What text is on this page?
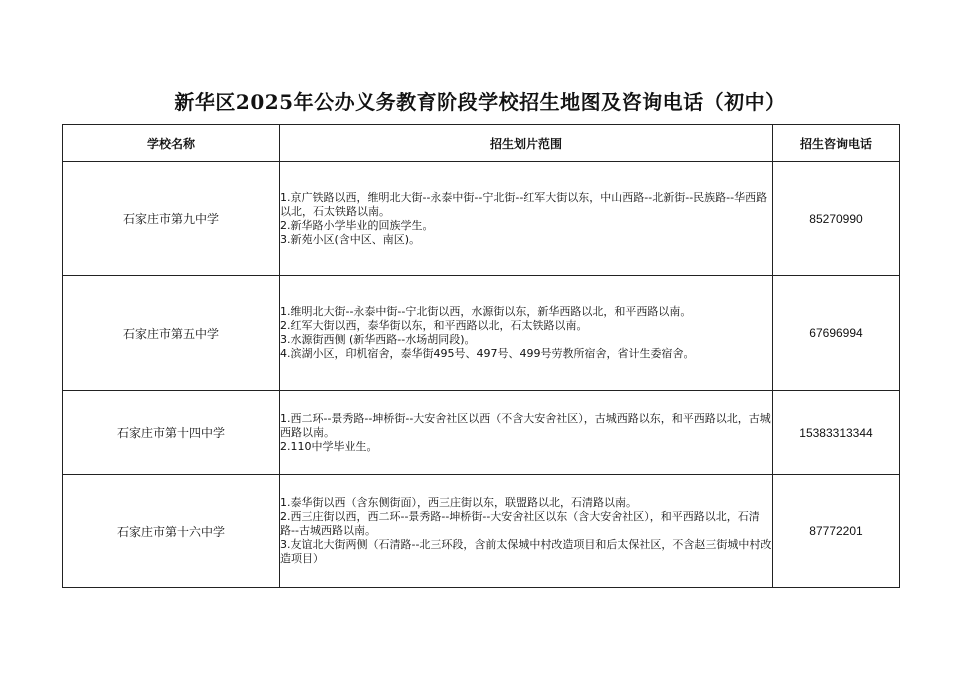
新华区2025年公办义务教育阶段学校招生地图及咨询电话（初中）
学校名称	招生划片范围	招生咨询电话
石家庄市第九中学	1.京广铁路以西，维明北大街--永泰中街--宁北街--红军大街以东，中山西路--北新街--民族路--华西路以北，石太铁路以南。
2.新华路小学毕业的回族学生。
3.新苑小区(含中区、南区)。	85270990
石家庄市第五中学	1.维明北大街--永泰中街--宁北街以西，水源街以东，新华西路以北，和平西路以南。
2.红军大街以西，泰华街以东，和平西路以北，石太铁路以南。
3.水源街西侧 (新华西路--水场胡同段)。
4.滨湖小区，印机宿舍，泰华街495号、497号、499号劳教所宿舍，省计生委宿舍。	67696994
石家庄市第十四中学	1.西二环--景秀路--坤桥街--大安舍社区以西（不含大安舍社区），古城西路以东，和平西路以北，古城西路以南。
2.110中学毕业生。	15383313344
石家庄市第十六中学	1.泰华街以西（含东侧街面），西三庄街以东，联盟路以北，石清路以南。
2.西三庄街以西，西二环--景秀路--坤桥街--大安舍社区以东（含大安舍社区），和平西路以北，石清路--古城西路以南。
3.友谊北大街两侧（石清路--北三环段，含前太保城中村改造项目和后太保社区，不含赵三街城中村改造项目）	87772201
